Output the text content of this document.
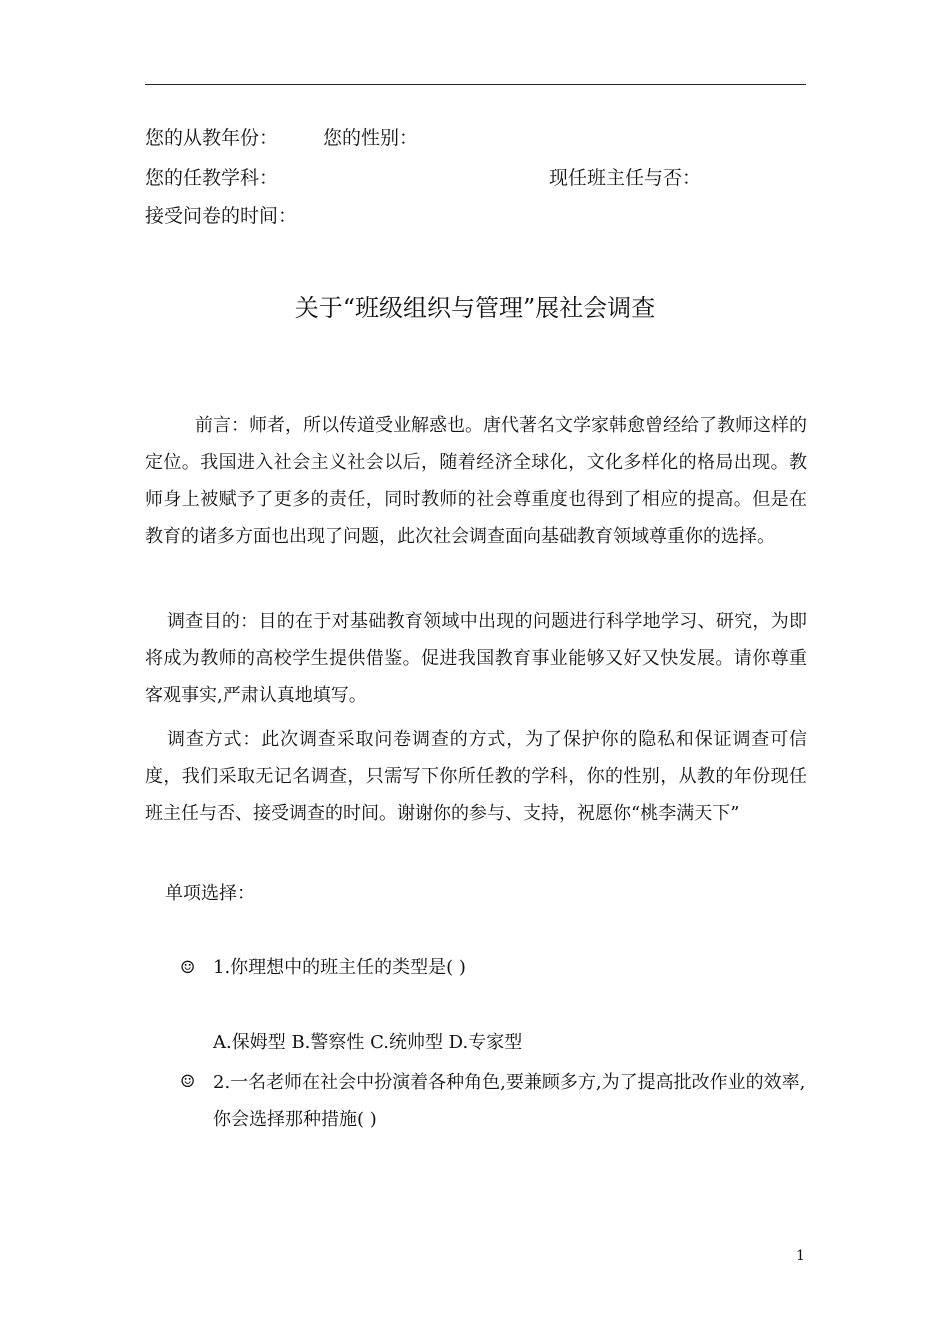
您的从教年份： 您的性别：
您的任教学科：	现任班主任与否：
接受问卷的时间：
关于“班级组织与管理”展社会调查
前言：师者，所以传道受业解惑也。唐代著名文学家韩愈曾经给了教师这样的定位。我国进入社会主义社会以后，随着经济全球化，文化多样化的格局出现。教师身上被赋予了更多的责任，同时教师的社会尊重度也得到了相应的提高。但是在教育的诸多方面也出现了问题，此次社会调查面向基础教育领域尊重你的选择。
调查目的：目的在于对基础教育领域中出现的问题进行科学地学习、研究，为即将成为教师的高校学生提供借鉴。促进我国教育事业能够又好又快发展。请你尊重客观事实,严肃认真地填写。
调查方式：此次调查采取问卷调查的方式，为了保护你的隐私和保证调查可信度，我们采取无记名调查，只需写下你所任教的学科，你的性别，从教的年份现任班主任与否、接受调查的时间。谢谢你的参与、支持，祝愿你“桃李满天下”
单项选择：
☺ 1.你理想中的班主任的类型是( )
A.保姆型 B.警察性 C.统帅型 D.专家型
☺ 2.一名老师在社会中扮演着各种角色,要兼顾多方,为了提高批改作业的效率,你会选择那种措施( )
1
